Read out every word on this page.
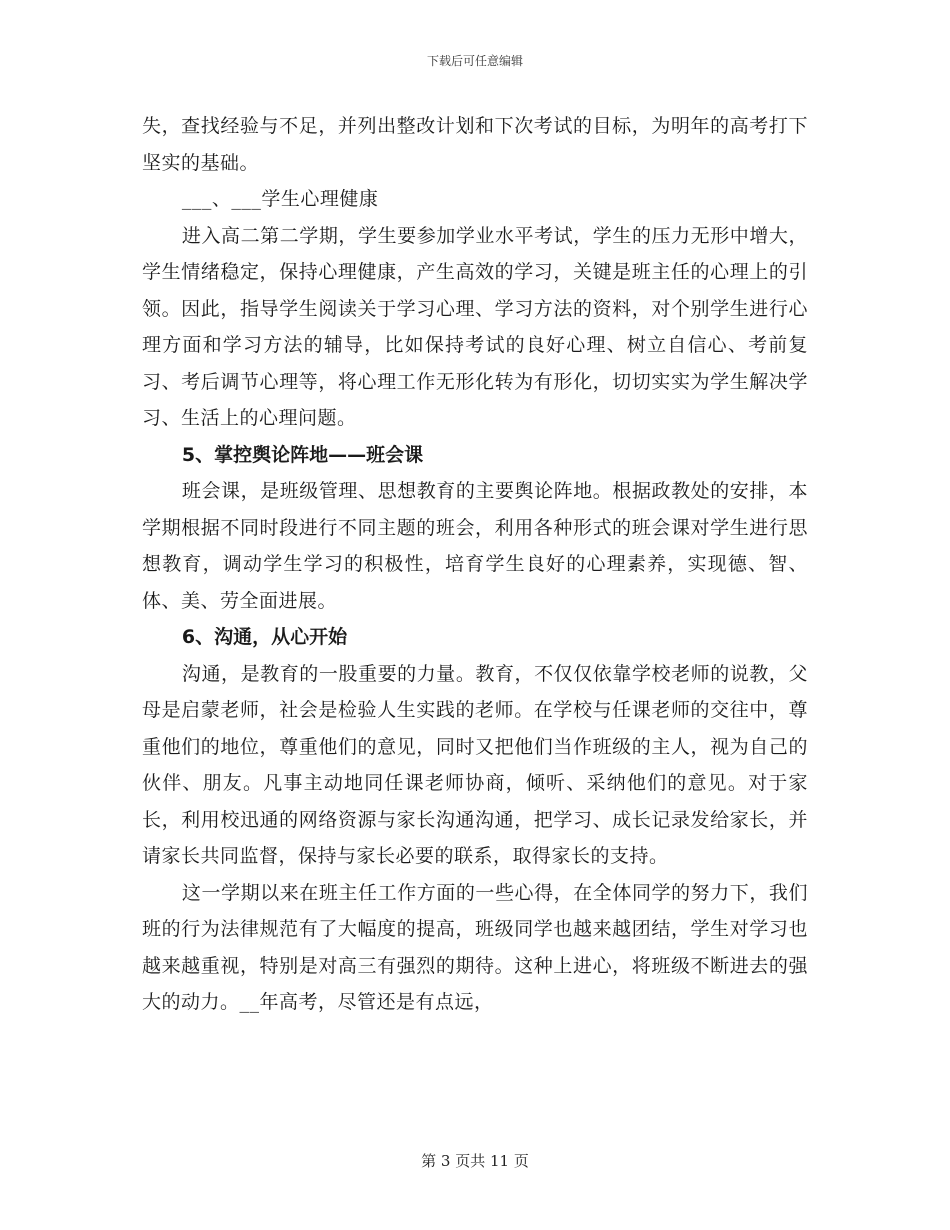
下载后可任意编辑

失，查找经验与不足，并列出整改计划和下次考试的目标，为明年的高考打下坚实的基础。

___、___学生心理健康

进入高二第二学期，学生要参加学业水平考试，学生的压力无形中增大，学生情绪稳定，保持心理健康，产生高效的学习，关键是班主任的心理上的引领。因此，指导学生阅读关于学习心理、学习方法的资料，对个别学生进行心理方面和学习方法的辅导，比如保持考试的良好心理、树立自信心、考前复习、考后调节心理等，将心理工作无形化转为有形化，切切实实为学生解决学习、生活上的心理问题。

5、掌控舆论阵地——班会课

班会课，是班级管理、思想教育的主要舆论阵地。根据政教处的安排，本学期根据不同时段进行不同主题的班会，利用各种形式的班会课对学生进行思想教育，调动学生学习的积极性，培育学生良好的心理素养，实现德、智、体、美、劳全面进展。

6、沟通，从心开始

沟通，是教育的一股重要的力量。教育，不仅仅依靠学校老师的说教，父母是启蒙老师，社会是检验人生实践的老师。在学校与任课老师的交往中，尊重他们的地位，尊重他们的意见，同时又把他们当作班级的主人，视为自己的伙伴、朋友。凡事主动地同任课老师协商，倾听、采纳他们的意见。对于家长，利用校迅通的网络资源与家长沟通沟通，把学习、成长记录发给家长，并请家长共同监督，保持与家长必要的联系，取得家长的支持。

这一学期以来在班主任工作方面的一些心得，在全体同学的努力下，我们班的行为法律规范有了大幅度的提高，班级同学也越来越团结，学生对学习也越来越重视，特别是对高三有强烈的期待。这种上进心，将班级不断进去的强大的动力。__年高考，尽管还是有点远，

第 3 页共 11 页
